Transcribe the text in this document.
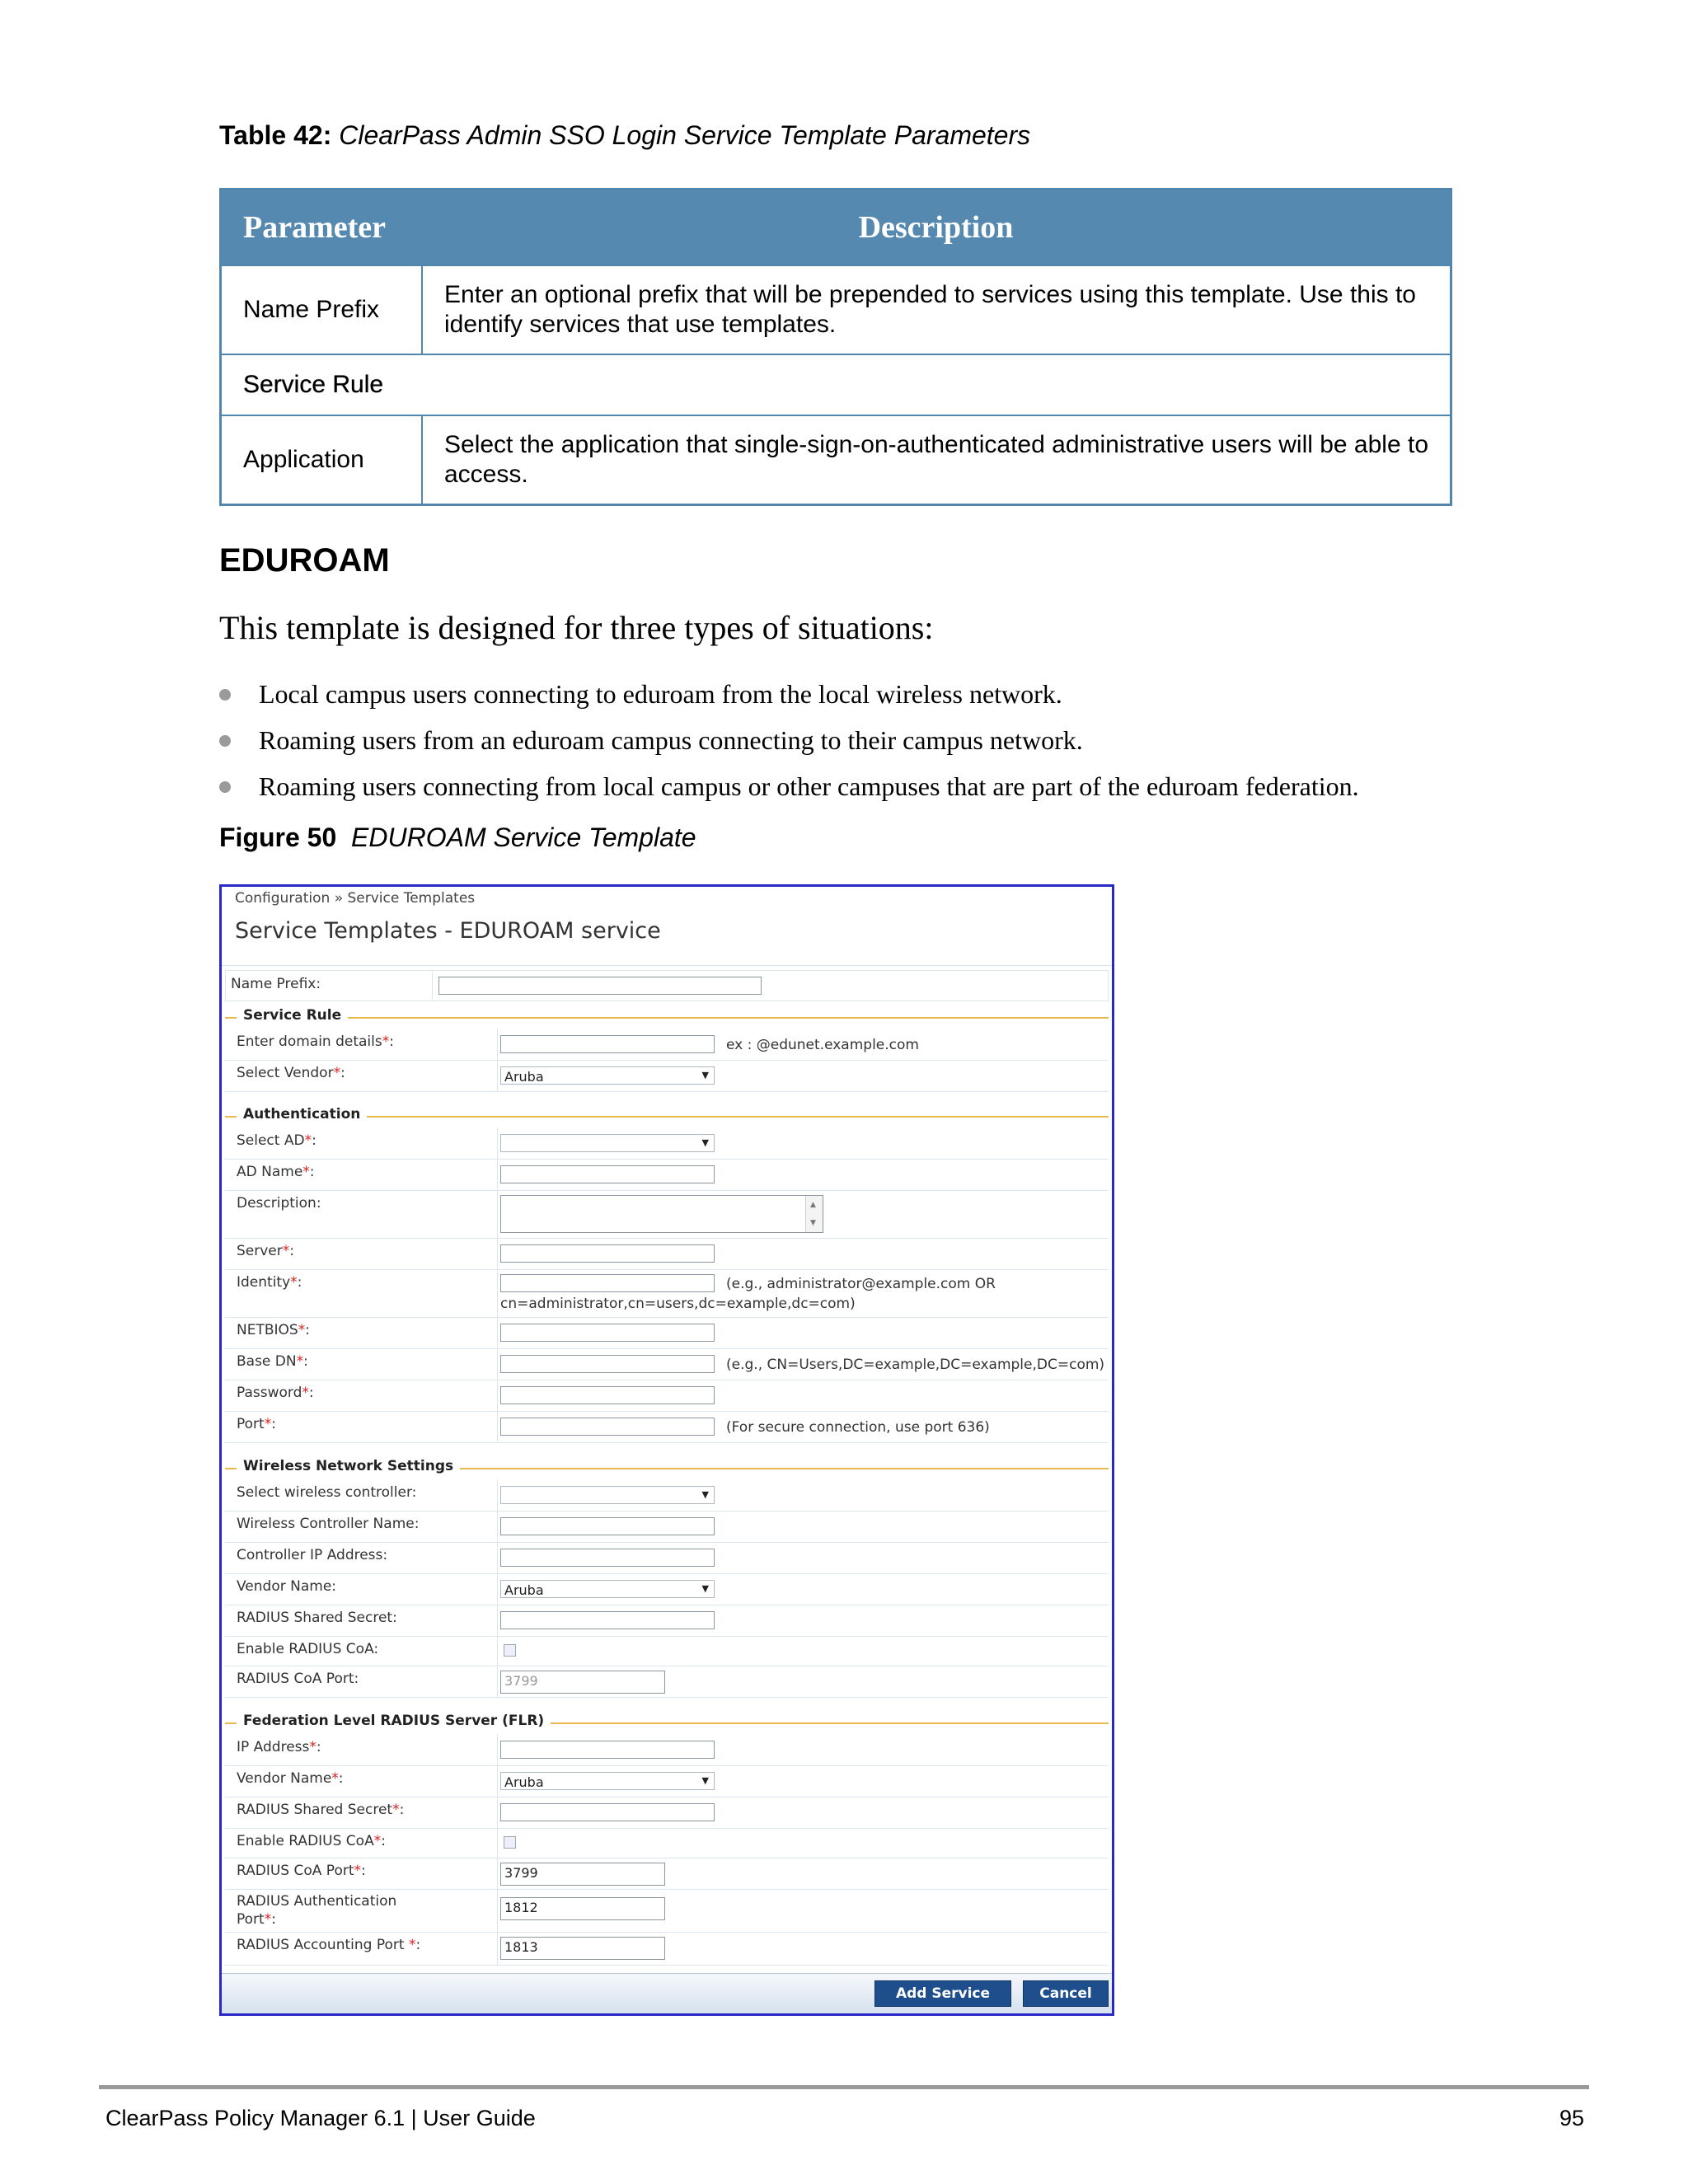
Table 42: ClearPass Admin SSO Login Service Template Parameters
Parameter	Description
Name Prefix	Enter an optional prefix that will be prepended to services using this template. Use this to identify services that use templates.
Service Rule	
Application	Select the application that single-sign-on-authenticated administrative users will be able to access.
EDUROAM
This template is designed for three types of situations:
Local campus users connecting to eduroam from the local wireless network.
Roaming users from an eduroam campus connecting to their campus network.
Roaming users connecting from local campus or other campuses that are part of the eduroam federation.
Figure 50 EDUROAM Service Template
Configuration » Service Templates
Service Templates - EDUROAM service
Name Prefix:
Service Rule
Enter domain details*:	ex : @edunet.example.com
Select Vendor*:	Aruba	▼
Authentication
Select AD*:	▼
AD Name*:
Description:	▲
▼
Server*:
Identity*:	(e.g., administrator@example.com OR
cn=administrator,cn=users,dc=example,dc=com)
NETBIOS*:
Base DN*:	(e.g., CN=Users,DC=example,DC=example,DC=com)
Password*:
Port*:	(For secure connection, use port 636)
Wireless Network Settings
Select wireless controller:	▼
Wireless Controller Name:
Controller IP Address:
Vendor Name:	Aruba	▼
RADIUS Shared Secret:
Enable RADIUS CoA:
RADIUS CoA Port:	3799
Federation Level RADIUS Server (FLR)
IP Address*:
Vendor Name*:	Aruba	▼
RADIUS Shared Secret*:
Enable RADIUS CoA*:
RADIUS CoA Port*:	3799
RADIUS Authentication
Port*:
1812
RADIUS Accounting Port *:	1813
Add Service	Cancel
ClearPass Policy Manager 6.1 | User Guide	95
